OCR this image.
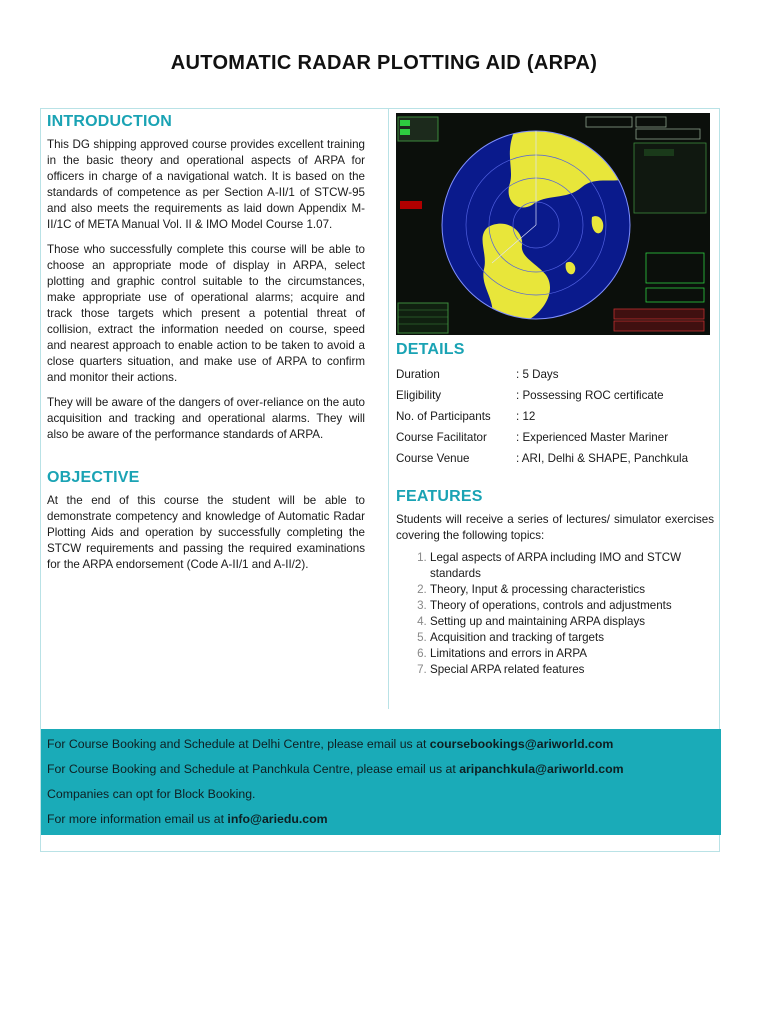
AUTOMATIC RADAR PLOTTING AID (ARPA)
INTRODUCTION

This DG shipping approved course provides excellent training in the basic theory and operational aspects of ARPA for officers in charge of a navigational watch. It is based on the standards of competence as per Section A-II/1 of STCW-95 and also meets the requirements as laid down Appendix M-II/1C of META Manual Vol. II & IMO Model Course 1.07.

Those who successfully complete this course will be able to choose an appropriate mode of display in ARPA, select plotting and graphic control suitable to the circumstances, make appropriate use of operational alarms; acquire and track those targets which present a potential threat of collision, extract the information needed on course, speed and nearest approach to enable action to be taken to avoid a close quarters situation, and make use of ARPA to confirm and monitor their actions.

They will be aware of the dangers of over-reliance on the auto acquisition and tracking and operational alarms. They will also be aware of the performance standards of ARPA.

OBJECTIVE

At the end of this course the student will be able to demonstrate competency and knowledge of Automatic Radar Plotting Aids and operation by successfully completing the STCW requirements and passing the required examinations for the ARPA endorsement (Code A-II/1 and A-II/2).

DETAILS
Duration	: 5 Days
Eligibility	: Possessing ROC certificate
No. of Participants	: 12
Course Facilitator	: Experienced Master Mariner
Course Venue	: ARI, Delhi & SHAPE, Panchkula
FEATURES

Students will receive a series of lectures/ simulator exercises covering the following topics:

1. Legal aspects of ARPA including IMO and STCW standards
2. Theory, Input & processing characteristics
3. Theory of operations, controls and adjustments
4. Setting up and maintaining ARPA displays
5. Acquisition and tracking of targets
6. Limitations and errors in ARPA
7. Special ARPA related features
For Course Booking and Schedule at Delhi Centre, please email us at coursebookings@ariworld.com
For Course Booking and Schedule at Panchkula Centre, please email us at aripanchkula@ariworld.com
Companies can opt for Block Booking.
For more information email us at info@ariedu.com
